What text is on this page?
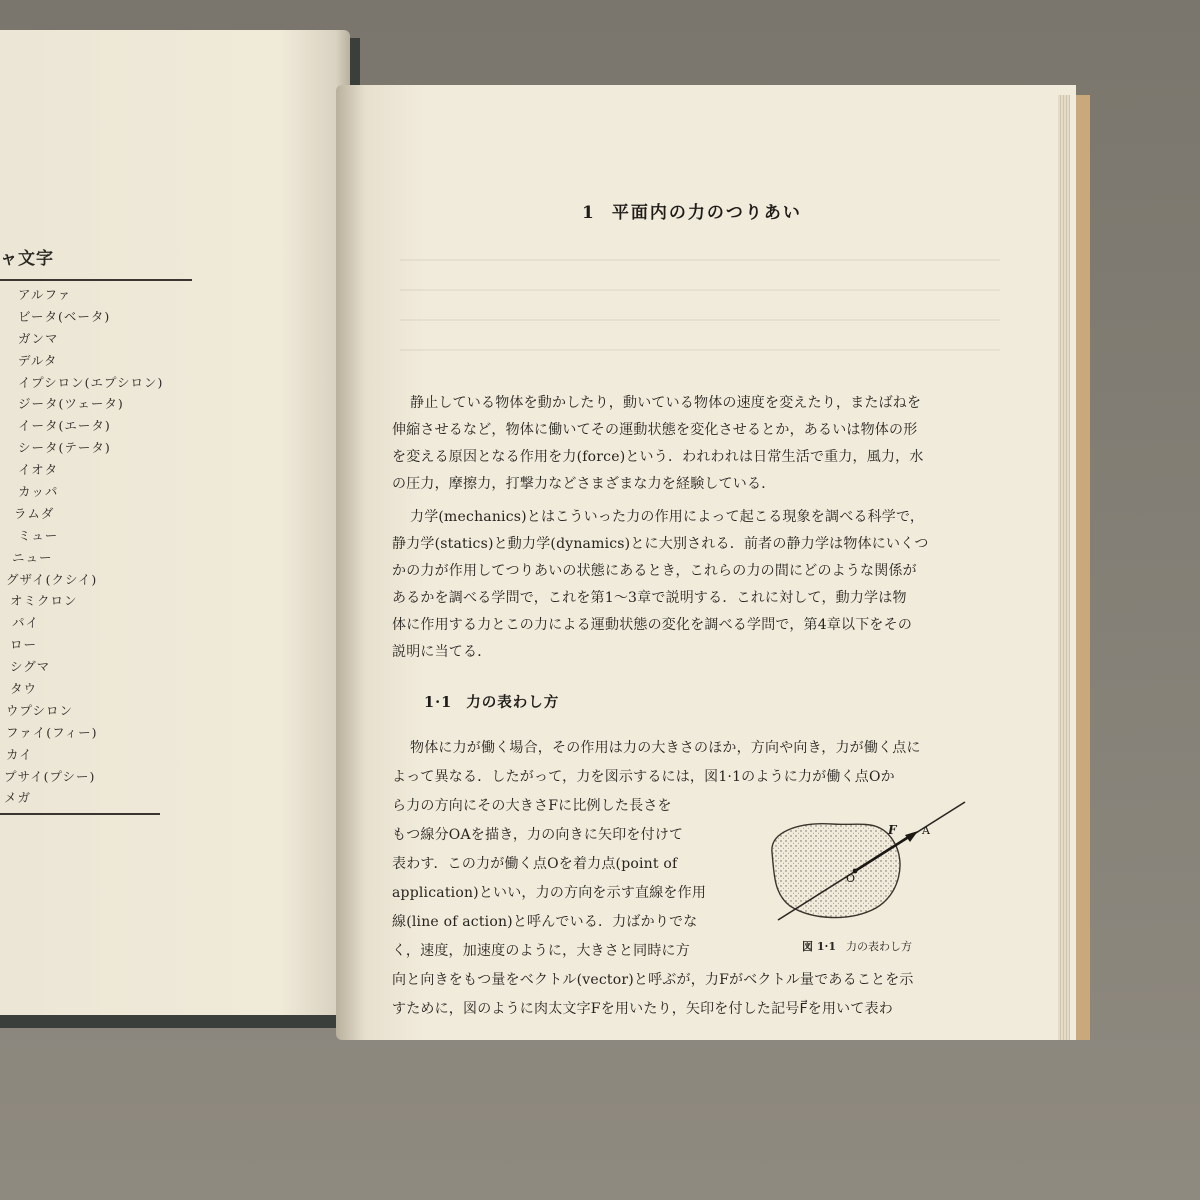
ャ文字
アルファ
ビータ(ベータ)
ガンマ
デルタ
イプシロン(エプシロン)
ジータ(ツェータ)
イータ(エータ)
シータ(テータ)
イオタ
カッパ
ラムダ
ミュー
ニュー
グザイ(クシイ)
オミクロン
パイ
ロー
シグマ
タウ
ウプシロン
ファイ(フィー)
カイ
プサイ(プシー)
メガ
1 平面内の力のつりあい
静止している物体を動かしたり，動いている物体の速度を変えたり，またばねを
伸縮させるなど，物体に働いてその運動状態を変化させるとか，あるいは物体の形
を変える原因となる作用を力(force)という．われわれは日常生活で重力，風力，水
の圧力，摩擦力，打撃力などさまざまな力を経験している．
力学(mechanics)とはこういった力の作用によって起こる現象を調べる科学で，
静力学(statics)と動力学(dynamics)とに大別される．前者の静力学は物体にいくつ
かの力が作用してつりあいの状態にあるとき，これらの力の間にどのような関係が
あるかを調べる学問で，これを第1〜3章で説明する．これに対して，動力学は物
体に作用する力とこの力による運動状態の変化を調べる学問で，第4章以下をその
説明に当てる．
1·1 力の表わし方
物体に力が働く場合，その作用は力の大きさのほか，方向や向き，力が働く点に
よって異なる．したがって，力を図示するには，図1·1のように力が働く点Oか
ら力の方向にその大きさFに比例した長さを
もつ線分OAを描き，力の向きに矢印を付けて
表わす．この力が働く点Oを着力点(point of
application)といい，力の方向を示す直線を作用
線(line of action)と呼んでいる．力ばかりでな
く，速度，加速度のように，大きさと同時に方
向と向きをもつ量をベクトル(vector)と呼ぶが，力Fがベクトル量であることを示
すために，図のように肉太文字Fを用いたり，矢印を付した記号F⃗を用いて表わ
F A
O
図 1·1 力の表わし方
